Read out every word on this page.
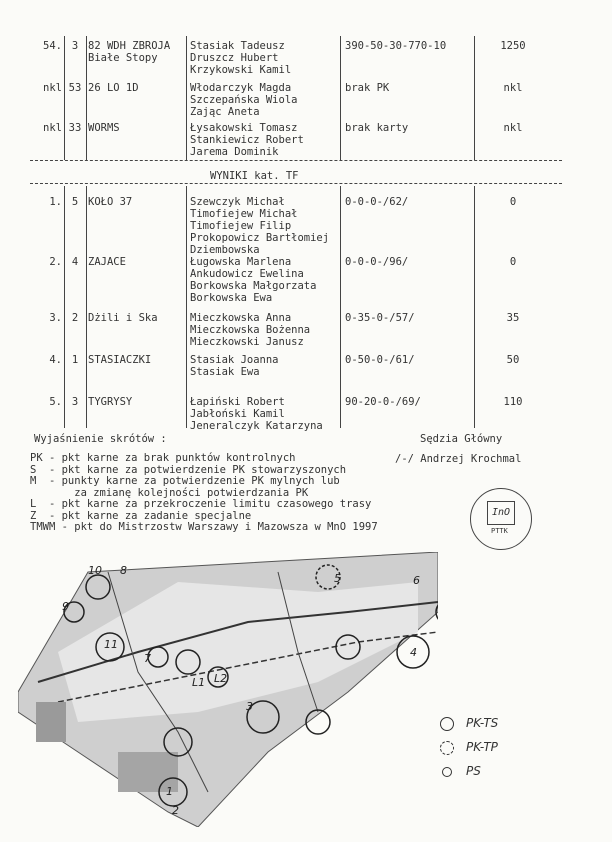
54. 3 82 WDH ZBROJA
Białe Stopy
Stasiak Tadeusz
Druszcz Hubert
Krzykowski Kamil
390-50-30-770-10	1250
nkl 53 26 LO 1D	Włodarczyk Magda
Szczepańska Wiola
Zając Aneta
brak PK	nkl
nkl 33 WORMS	Łysakowski Tomasz
Stankiewicz Robert
Jarema Dominik
brak karty	nkl
WYNIKI kat. TF
1. 5 KOŁO 37	Szewczyk Michał
Timofiejew Michał
Timofiejew Filip
Prokopowicz Bartłomiej
Dziembowska
0-0-0-/62/	0
2. 4 ZAJACE	Ługowska Marlena
Ankudowicz Ewelina
Borkowska Małgorzata
Borkowska Ewa
0-0-0-/96/	0
3. 2 Dżili i Ska	Mieczkowska Anna
Mieczkowska Bożenna
Mieczkowski Janusz
0-35-0-/57/	35
4. 1 STASIACZKI	Stasiak Joanna
Stasiak Ewa
0-50-0-/61/	50
5. 3 TYGRYSY	Łapiński Robert
Jabłoński Kamil
Jeneralczyk Katarzyna
90-20-0-/69/	110
Wyjaśnienie skrótów :	Sędzia Główny
/-/ Andrzej Krochmal
PK - pkt karne za brak punktów kontrolnych
S  - pkt karne za potwierdzenie PK stowarzyszonych
M  - punkty karne za potwierdzenie PK mylnych lub
za zmianę kolejności potwierdzania PK
L  - pkt karne za przekroczenie limitu czasowego trasy
Z  - pkt karne za zadanie specjalne
TMWM - pkt do Mistrzostw Warszawy i Mazowsza w MnO 1997
InO
PTTK
1
2
3
4
5	6
7
8
9
10
11
L1 L2
PK-TS
PK-TP
PS
